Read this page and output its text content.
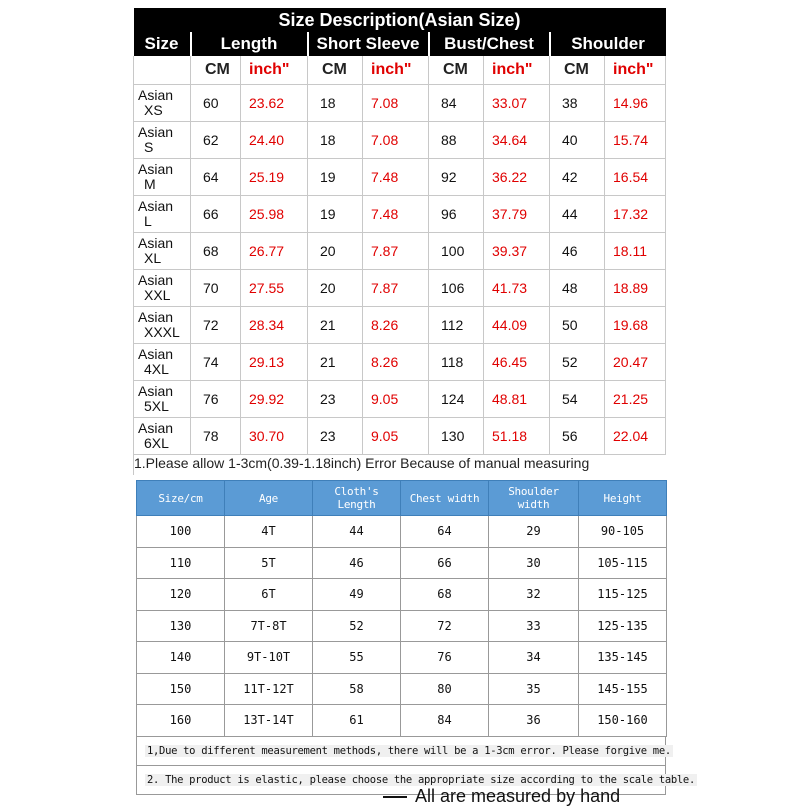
Size Description(Asian Size)								
Size	Length		Short Sleeve		Bust/Chest		Shoulder	
	CM	inch"	CM	inch"	CM	inch"	CM	inch"

Asian
XS	60	23.62	18	7.08	84	33.07	38	14.96

Asian
S	62	24.40	18	7.08	88	34.64	40	15.74

Asian
M	64	25.19	19	7.48	92	36.22	42	16.54

Asian
L	66	25.98	19	7.48	96	37.79	44	17.32

Asian
XL	68	26.77	20	7.87	100	39.37	46	18.11

Asian
XXL	70	27.55	20	7.87	106	41.73	48	18.89

Asian
XXXL	72	28.34	21	8.26	112	44.09	50	19.68

Asian
4XL	74	29.13	21	8.26	118	46.45	52	20.47

Asian
5XL	76	29.92	23	9.05	124	48.81	54	21.25

Asian
6XL	78	30.70	23	9.05	130	51.18	56	22.04
1.Please allow 1-3cm(0.39-1.18inch) Error Because of manual measuring
Size/cm	Age	Cloth's Length	Chest width	Shoulder width	Height
100	4T	44	64	29	90-105
110	5T	46	66	30	105-115
120	6T	49	68	32	115-125
130	7T-8T	52	72	33	125-135
140	9T-10T	55	76	34	135-145
150	11T-12T	58	80	35	145-155
160	13T-14T	61	84	36	150-160
1,Due to different measurement methods, there will be a 1-3cm error. Please forgive me.
2. The product is elastic, please choose the appropriate size according to the scale table.
All are measured by hand
